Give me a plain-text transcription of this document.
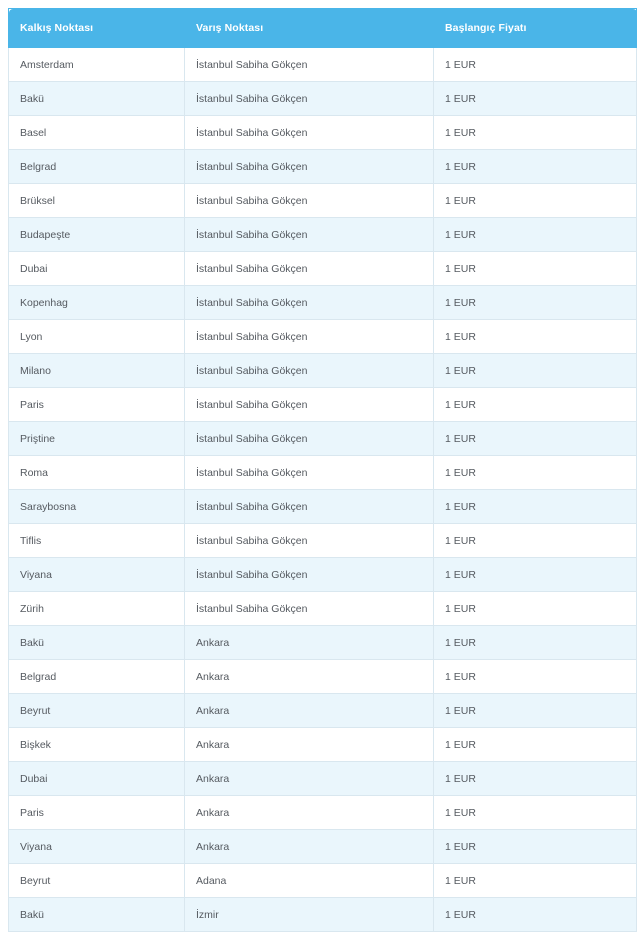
Kalkış Noktası	Varış Noktası	Başlangıç Fiyatı
Amsterdam	İstanbul Sabiha Gökçen	1 EUR
Bakü	İstanbul Sabiha Gökçen	1 EUR
Basel	İstanbul Sabiha Gökçen	1 EUR
Belgrad	İstanbul Sabiha Gökçen	1 EUR
Brüksel	İstanbul Sabiha Gökçen	1 EUR
Budapeşte	İstanbul Sabiha Gökçen	1 EUR
Dubai	İstanbul Sabiha Gökçen	1 EUR
Kopenhag	İstanbul Sabiha Gökçen	1 EUR
Lyon	İstanbul Sabiha Gökçen	1 EUR
Milano	İstanbul Sabiha Gökçen	1 EUR
Paris	İstanbul Sabiha Gökçen	1 EUR
Priştine	İstanbul Sabiha Gökçen	1 EUR
Roma	İstanbul Sabiha Gökçen	1 EUR
Saraybosna	İstanbul Sabiha Gökçen	1 EUR
Tiflis	İstanbul Sabiha Gökçen	1 EUR
Viyana	İstanbul Sabiha Gökçen	1 EUR
Zürih	İstanbul Sabiha Gökçen	1 EUR
Bakü	Ankara	1 EUR
Belgrad	Ankara	1 EUR
Beyrut	Ankara	1 EUR
Bişkek	Ankara	1 EUR
Dubai	Ankara	1 EUR
Paris	Ankara	1 EUR
Viyana	Ankara	1 EUR
Beyrut	Adana	1 EUR
Bakü	İzmir	1 EUR
